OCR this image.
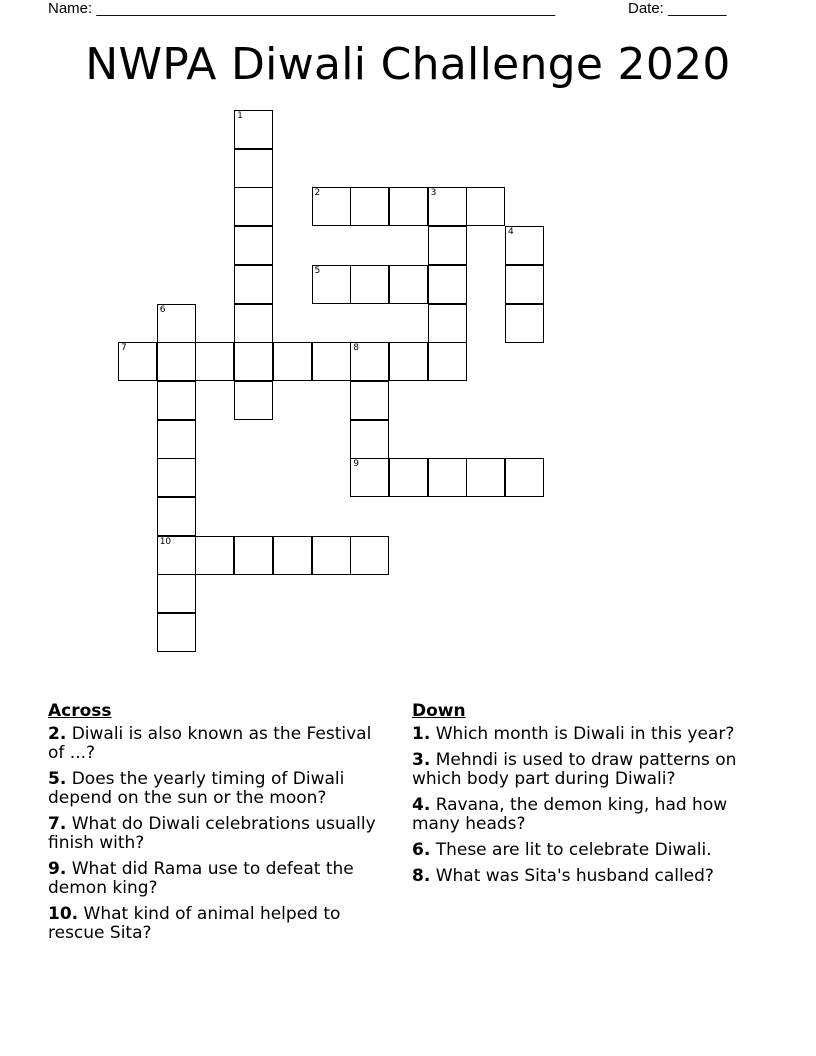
Name: _______________________________________________________	Date: _______
NWPA Diwali Challenge 2020
1
2	3
4
5
6
10
7	8
9
Across
2. Diwali is also known as the Festival of ...?
5. Does the yearly timing of Diwali depend on the sun or the moon?
7. What do Diwali celebrations usually finish with?
9. What did Rama use to defeat the demon king?
10. What kind of animal helped to rescue Sita?
Down
1. Which month is Diwali in this year?
3. Mehndi is used to draw patterns on which body part during Diwali?
4. Ravana, the demon king, had how many heads?
6. These are lit to celebrate Diwali.
8. What was Sita's husband called?
